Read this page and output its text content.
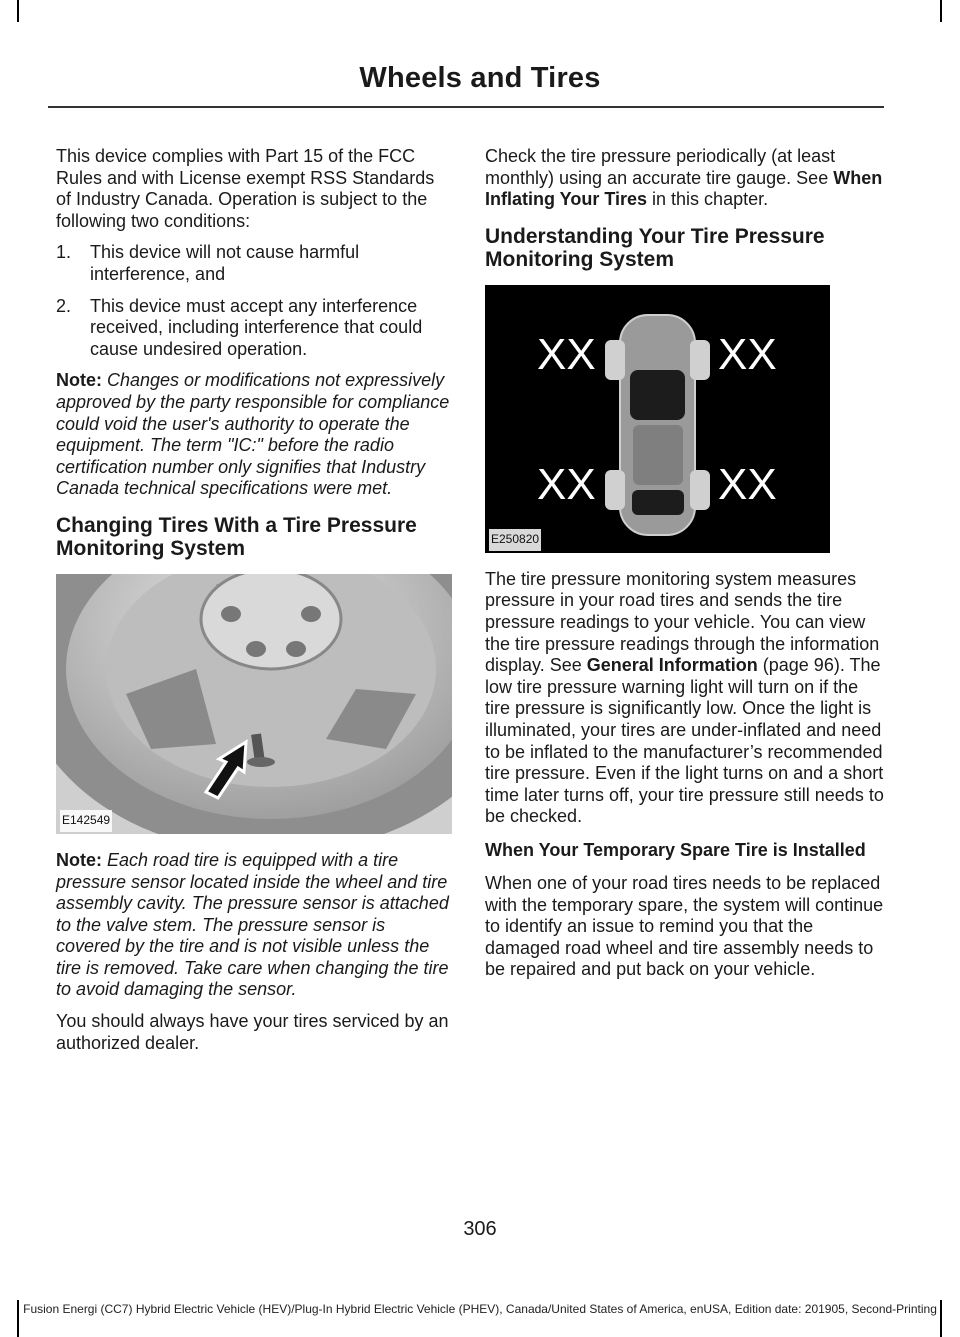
Wheels and Tires

This device complies with Part 15 of the FCC Rules and with License exempt RSS Standards of Industry Canada. Operation is subject to the following two conditions:

1.	This device will not cause harmful interference, and
2.	This device must accept any interference received, including interference that could cause undesired operation.

Note: Changes or modifications not expressively approved by the party responsible for compliance could void the user's authority to operate the equipment. The term "IC:" before the radio certification number only signifies that Industry Canada technical specifications were met.

Changing Tires With a Tire Pressure Monitoring System
E142549

Note: Each road tire is equipped with a tire pressure sensor located inside the wheel and tire assembly cavity. The pressure sensor is attached to the valve stem. The pressure sensor is covered by the tire and is not visible unless the tire is removed. Take care when changing the tire to avoid damaging the sensor.

You should always have your tires serviced by an authorized dealer.

Check the tire pressure periodically (at least monthly) using an accurate tire gauge. See When Inflating Your Tires in this chapter.

Understanding Your Tire Pressure Monitoring System
XX	XX
XX	XX
E250820

The tire pressure monitoring system measures pressure in your road tires and sends the tire pressure readings to your vehicle. You can view the tire pressure readings through the information display. See General Information (page 96). The low tire pressure warning light will turn on if the tire pressure is significantly low. Once the light is illuminated, your tires are under-inflated and need to be inflated to the manufacturer’s recommended tire pressure. Even if the light turns on and a short time later turns off, your tire pressure still needs to be checked.

When Your Temporary Spare Tire is Installed

When one of your road tires needs to be replaced with the temporary spare, the system will continue to identify an issue to remind you that the damaged road wheel and tire assembly needs to be repaired and put back on your vehicle.

306
Fusion Energi (CC7) Hybrid Electric Vehicle (HEV)/Plug-In Hybrid Electric Vehicle (PHEV), Canada/United States of America, enUSA, Edition date: 201905, Second-Printing
